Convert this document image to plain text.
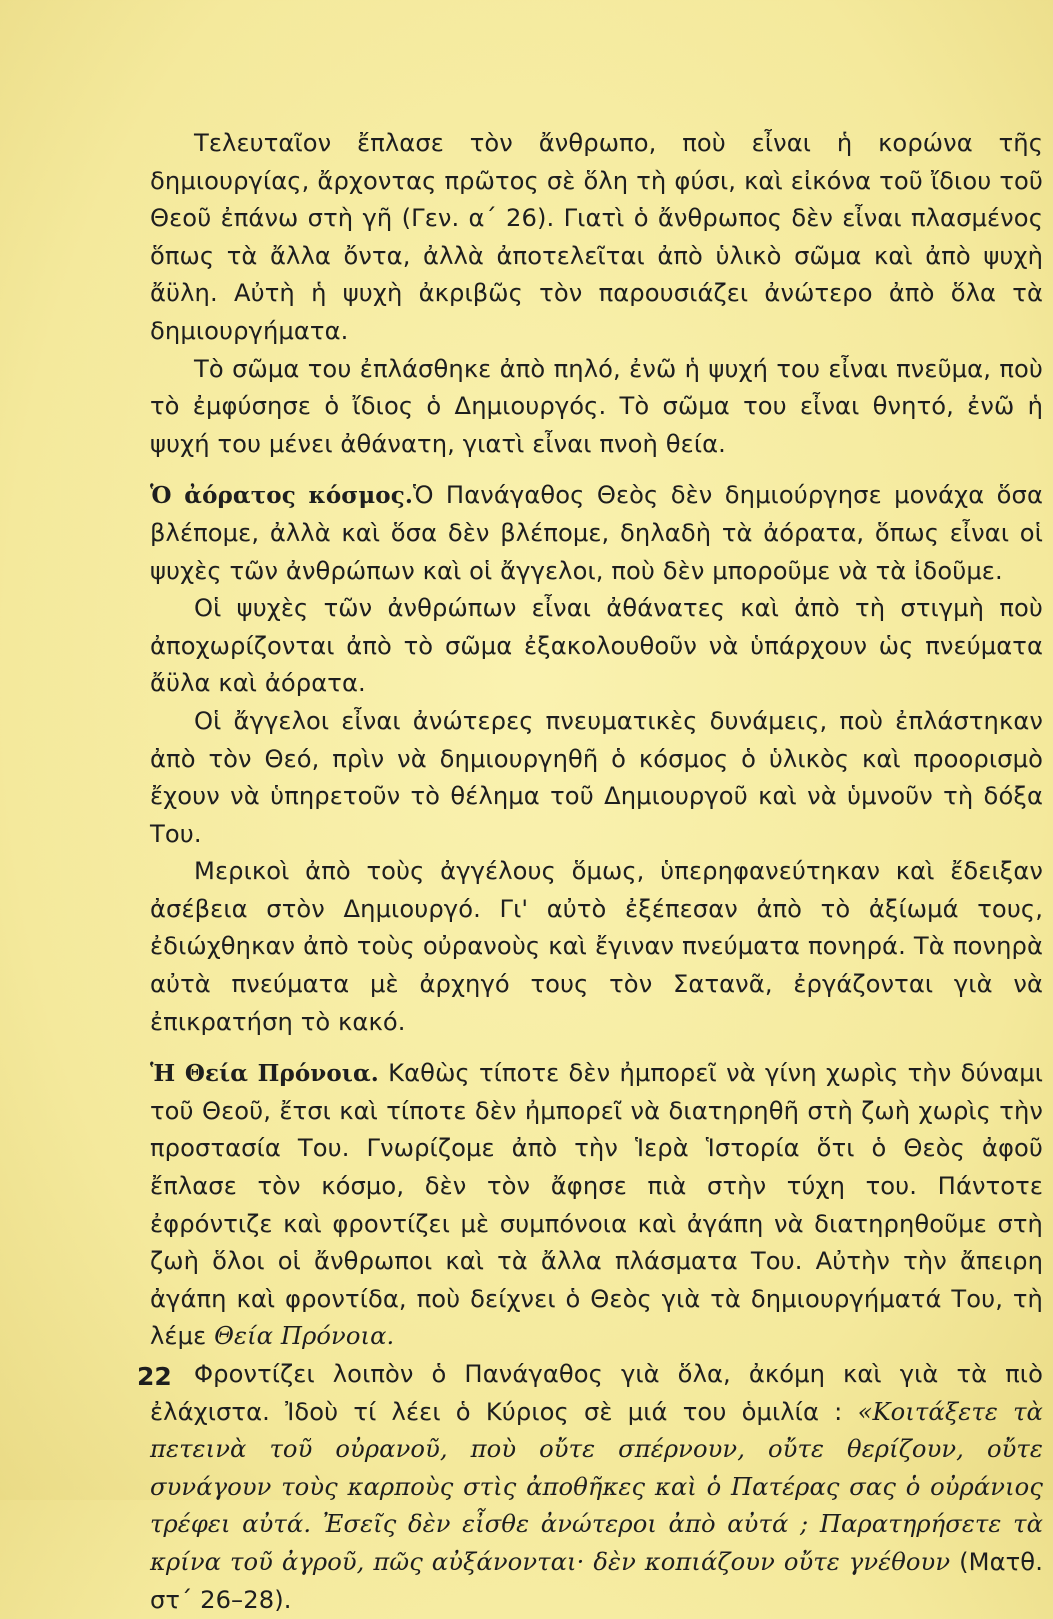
Τελευταῖον ἔπλασε τὸν ἄνθρωπο, ποὺ εἶναι ἡ κορώνα τῆς δημιουργίας, ἄρχοντας πρῶτος σὲ ὅλη τὴ φύσι, καὶ εἰκόνα τοῦ ἴδιου τοῦ Θεοῦ ἐπάνω στὴ γῆ (Γεν. α΄ 26). Γιατὶ ὁ ἄνθρωπος δὲν εἶναι πλασμένος ὅπως τὰ ἄλλα ὄντα, ἀλλὰ ἀποτελεῖται ἀπὸ ὑλικὸ σῶμα καὶ ἀπὸ ψυχὴ ἄϋλη. Αὐτὴ ἡ ψυχὴ ἀκριβῶς τὸν παρουσιάζει ἀνώτερο ἀπὸ ὅλα τὰ δημιουργήματα.

Τὸ σῶμα του ἐπλάσθηκε ἀπὸ πηλό, ἐνῶ ἡ ψυχή του εἶναι πνεῦμα, ποὺ τὸ ἐμφύσησε ὁ ἴδιος ὁ Δημιουργός. Τὸ σῶμα του εἶναι θνητό, ἐνῶ ἡ ψυχή του μένει ἀθάνατη, γιατὶ εἶναι πνοὴ θεία.

Ὁ ἀόρατος κόσμος.Ὁ Πανάγαθος Θεὸς δὲν δημιούργησε μονάχα ὅσα βλέπομε, ἀλλὰ καὶ ὅσα δὲν βλέπομε, δηλαδὴ τὰ ἀόρατα, ὅπως εἶναι οἱ ψυχὲς τῶν ἀνθρώπων καὶ οἱ ἄγγελοι, ποὺ δὲν μποροῦμε νὰ τὰ ἰδοῦμε.

Οἱ ψυχὲς τῶν ἀνθρώπων εἶναι ἀθάνατες καὶ ἀπὸ τὴ στιγμὴ ποὺ ἀποχωρίζονται ἀπὸ τὸ σῶμα ἐξακολουθοῦν νὰ ὑπάρχουν ὡς πνεύματα ἄϋλα καὶ ἀόρατα.

Οἱ ἄγγελοι εἶναι ἀνώτερες πνευματικὲς δυνάμεις, ποὺ ἐπλάστηκαν ἀπὸ τὸν Θεό, πρὶν νὰ δημιουργηθῆ ὁ κόσμος ὁ ὑλικὸς καὶ προορισμὸ ἔχουν νὰ ὑπηρετοῦν τὸ θέλημα τοῦ Δημιουργοῦ καὶ νὰ ὑμνοῦν τὴ δόξα Του.

Μερικοὶ ἀπὸ τοὺς ἀγγέλους ὅμως, ὑπερηφανεύτηκαν καὶ ἔδειξαν ἀσέβεια στὸν Δημιουργό. Γι' αὐτὸ ἐξέπεσαν ἀπὸ τὸ ἀξίωμά τους, ἐδιώχθηκαν ἀπὸ τοὺς οὐρανοὺς καὶ ἔγιναν πνεύματα πονηρά. Τὰ πονηρὰ αὐτὰ πνεύματα μὲ ἀρχηγό τους τὸν Σατανᾶ, ἐργάζονται γιὰ νὰ ἐπικρατήση τὸ κακό.

Ἡ Θεία Πρόνοια. Καθὼς τίποτε δὲν ἠμπορεῖ νὰ γίνη χωρὶς τὴν δύναμι τοῦ Θεοῦ, ἔτσι καὶ τίποτε δὲν ἠμπορεῖ νὰ διατηρηθῆ στὴ ζωὴ χωρὶς τὴν προστασία Του. Γνωρίζομε ἀπὸ τὴν Ἱερὰ Ἱστορία ὅτι ὁ Θεὸς ἀφοῦ ἔπλασε τὸν κόσμο, δὲν τὸν ἄφησε πιὰ στὴν τύχη του. Πάντοτε ἐφρόντιζε καὶ φροντίζει μὲ συμπόνοια καὶ ἀγάπη νὰ διατηρηθοῦμε στὴ ζωὴ ὅλοι οἱ ἄνθρωποι καὶ τὰ ἄλλα πλάσματα Του. Αὐτὴν τὴν ἄπειρη ἀγάπη καὶ φροντίδα, ποὺ δείχνει ὁ Θεὸς γιὰ τὰ δημιουργήματά Του, τὴ λέμε Θεία Πρόνοια.

Φροντίζει λοιπὸν ὁ Πανάγαθος γιὰ ὅλα, ἀκόμη καὶ γιὰ τὰ πιὸ ἐλάχιστα. Ἰδοὺ τί λέει ὁ Κύριος σὲ μιά του ὁμιλία : «Κοιτάξετε τὰ πετεινὰ τοῦ οὐρανοῦ, ποὺ οὔτε σπέρνουν, οὔτε θερίζουν, οὔτε συνάγουν τοὺς καρποὺς στὶς ἀποθῆκες καὶ ὁ Πατέρας σας ὁ οὐράνιος τρέφει αὐτά. Ἐσεῖς δὲν εἶσθε ἀνώτεροι ἀπὸ αὐτά ; Παρατηρήσετε τὰ κρίνα τοῦ ἀγροῦ, πῶς αὐξάνονται· δὲν κοπιάζουν οὔτε γνέθουν (Ματθ. στ΄ 26–28).

22
